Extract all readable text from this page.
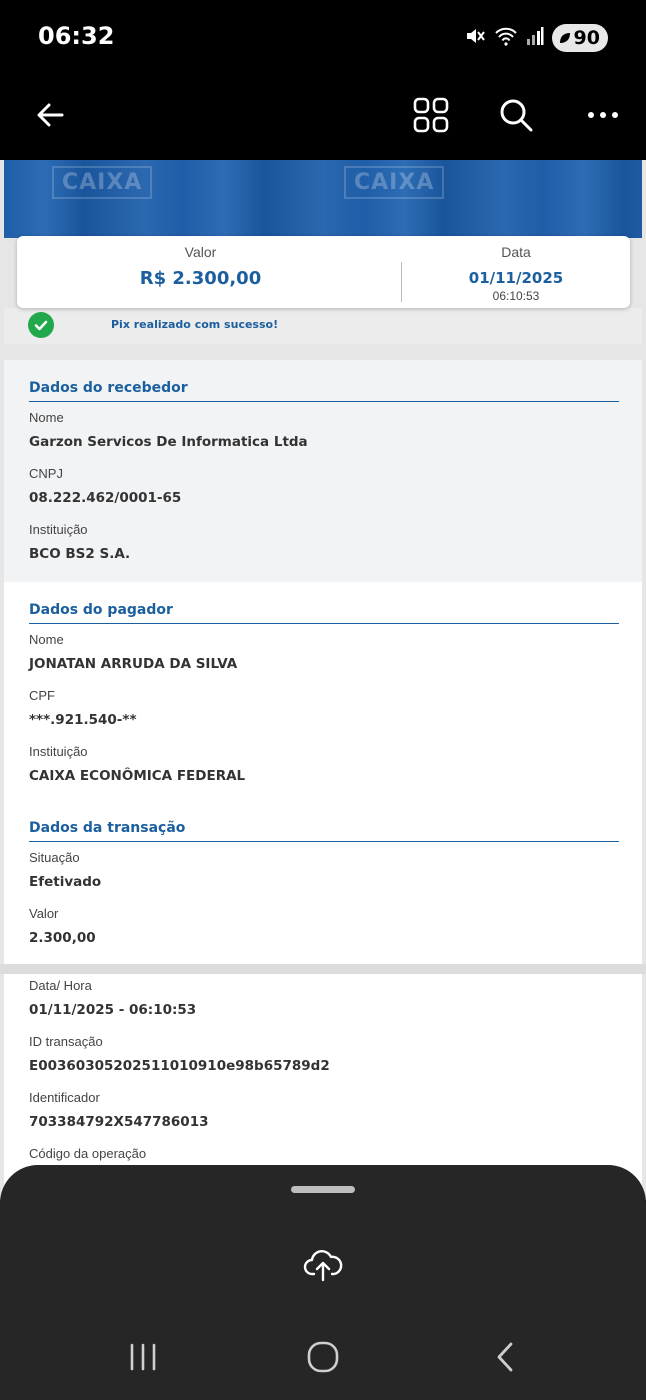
06:32	90
CAIXA	CAIXA
Pix realizado com sucesso!
Valor
R$ 2.300,00
Data
01/11/2025
06:10:53
Dados do recebedor
Nome
Garzon Servicos De Informatica Ltda
CNPJ
08.222.462/0001-65
Instituição
BCO BS2 S.A.
Dados do pagador
Nome
JONATAN ARRUDA DA SILVA
CPF
***.921.540-**
Instituição
CAIXA ECONÔMICA FEDERAL
Dados da transação
Situação
Efetivado
Valor
2.300,00
Data/ Hora
01/11/2025 - 06:10:53
ID transação
E00360305202511010910e98b65789d2
Identificador
703384792X547786013
Código da operação
